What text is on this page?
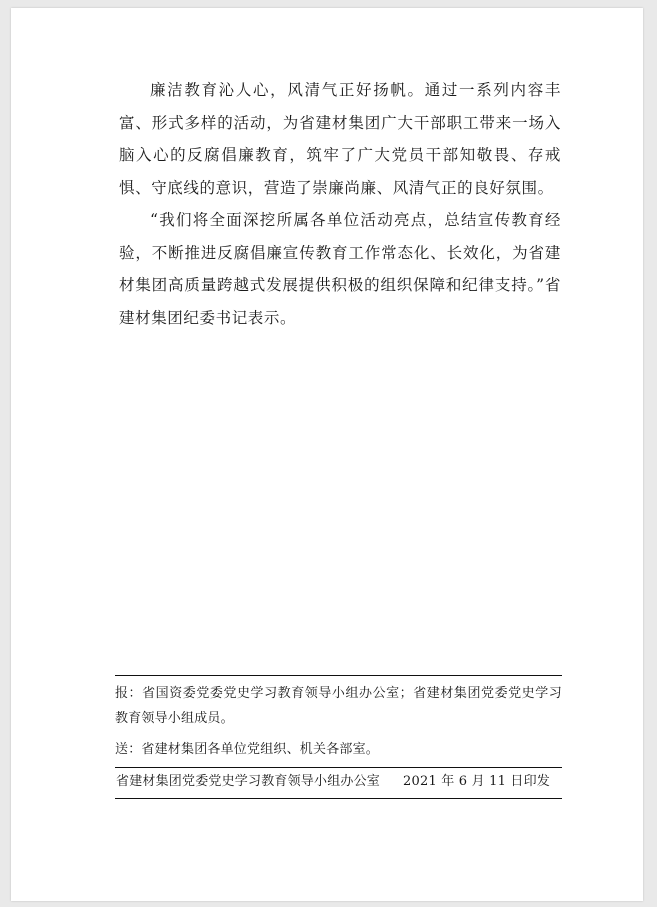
廉洁教育沁人心，风清气正好扬帆。通过一系列内容丰富、形式多样的活动，为省建材集团广大干部职工带来一场入脑入心的反腐倡廉教育，筑牢了广大党员干部知敬畏、存戒惧、守底线的意识，营造了崇廉尚廉、风清气正的良好氛围。

“我们将全面深挖所属各单位活动亮点，总结宣传教育经验，不断推进反腐倡廉宣传教育工作常态化、长效化，为省建材集团高质量跨越式发展提供积极的组织保障和纪律支持。”省建材集团纪委书记表示。

报：省国资委党委党史学习教育领导小组办公室；省建材集团党委党史学习教育领导小组成员。

送：省建材集团各单位党组织、机关各部室。

省建材集团党委党史学习教育领导小组办公室 2021 年 6 月 11 日印发
